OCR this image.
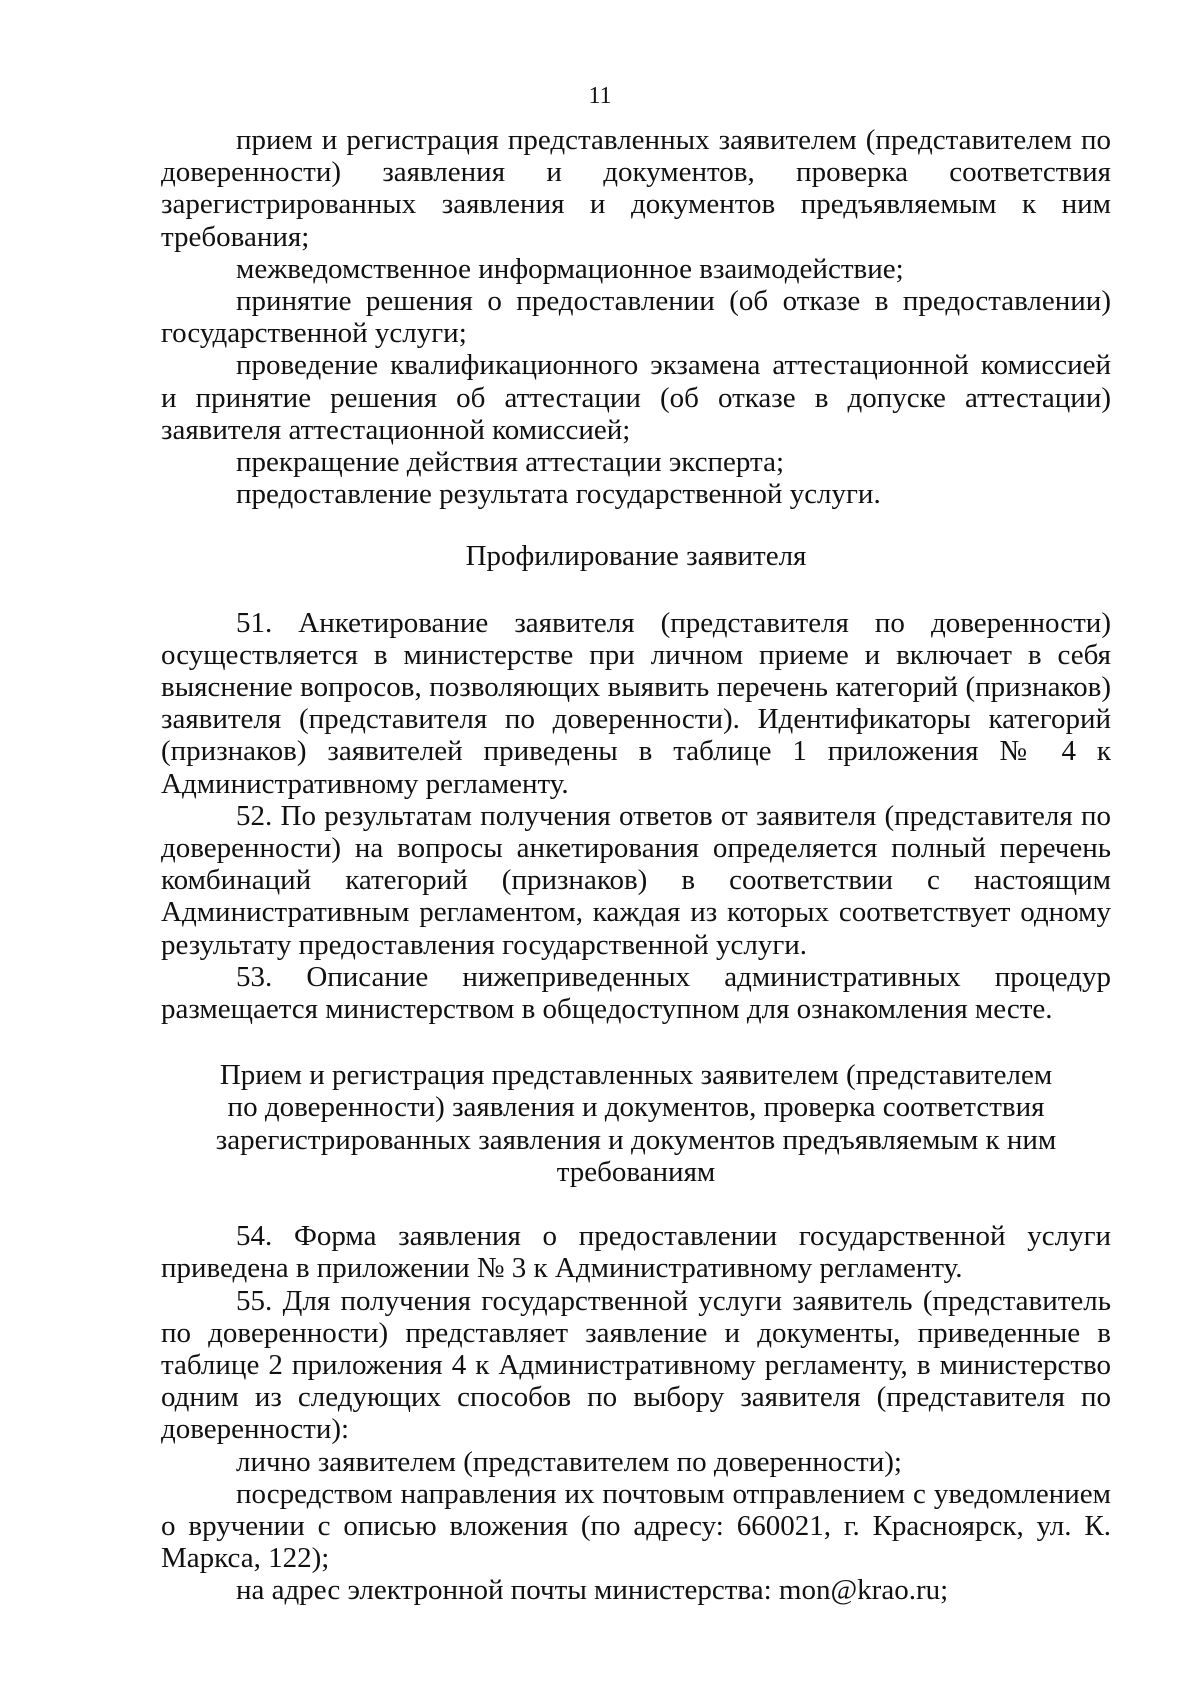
11

прием и регистрация представленных заявителем (представителем по доверенности) заявления и документов, проверка соответствия зарегистрированных заявления и документов предъявляемым к ним требования;

межведомственное информационное взаимодействие;

принятие решения о предоставлении (об отказе в предоставлении) государственной услуги;

проведение квалификационного экзамена аттестационной комиссией и принятие решения об аттестации (об отказе в допуске аттестации) заявителя аттестационной комиссией;

прекращение действия аттестации эксперта;

предоставление результата государственной услуги.

Профилирование заявителя

51. Анкетирование заявителя (представителя по доверенности) осуществляется в министерстве при личном приеме и включает в себя выяснение вопросов, позволяющих выявить перечень категорий (признаков) заявителя (представителя по доверенности). Идентификаторы категорий (признаков) заявителей приведены в таблице 1 приложения № 4 к Административному регламенту.

52. По результатам получения ответов от заявителя (представителя по доверенности) на вопросы анкетирования определяется полный перечень комбинаций категорий (признаков) в соответствии с настоящим Административным регламентом, каждая из которых соответствует одному результату предоставления государственной услуги.

53. Описание нижеприведенных административных процедур размещается министерством в общедоступном для ознакомления месте.

Прием и регистрация представленных заявителем (представителем по доверенности) заявления и документов, проверка соответствия зарегистрированных заявления и документов предъявляемым к ним требованиям

54. Форма заявления о предоставлении государственной услуги приведена в приложении № 3 к Административному регламенту.

55. Для получения государственной услуги заявитель (представитель по доверенности) представляет заявление и документы, приведенные в таблице 2 приложения 4 к Административному регламенту, в министерство одним из следующих способов по выбору заявителя (представителя по доверенности):

лично заявителем (представителем по доверенности);

посредством направления их почтовым отправлением с уведомлением о вручении с описью вложения (по адресу: 660021, г. Красноярск, ул. К. Маркса, 122);

на адрес электронной почты министерства: mon@krao.ru;
